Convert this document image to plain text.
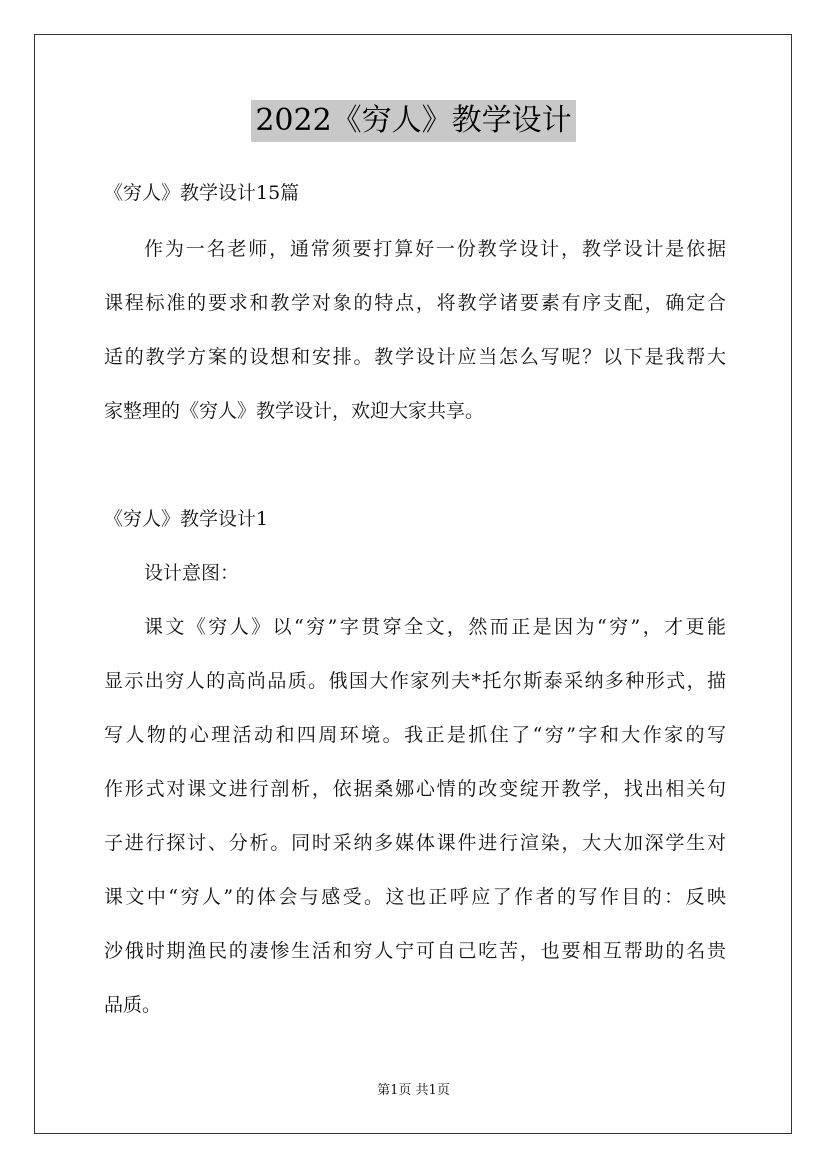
2022《穷人》教学设计
《穷人》教学设计15篇
作为一名老师，通常须要打算好一份教学设计，教学设计是依据
课程标准的要求和教学对象的特点，将教学诸要素有序支配，确定合
适的教学方案的设想和安排。教学设计应当怎么写呢？以下是我帮大
家整理的《穷人》教学设计，欢迎大家共享。
《穷人》教学设计1
设计意图：
课文《穷人》以“穷”字贯穿全文，然而正是因为“穷”，才更能
显示出穷人的高尚品质。俄国大作家列夫*托尔斯泰采纳多种形式，描
写人物的心理活动和四周环境。我正是抓住了“穷”字和大作家的写
作形式对课文进行剖析，依据桑娜心情的改变绽开教学，找出相关句
子进行探讨、分析。同时采纳多媒体课件进行渲染，大大加深学生对
课文中“穷人”的体会与感受。这也正呼应了作者的写作目的：反映
沙俄时期渔民的凄惨生活和穷人宁可自己吃苦，也要相互帮助的名贵
品质。
第1页 共1页
